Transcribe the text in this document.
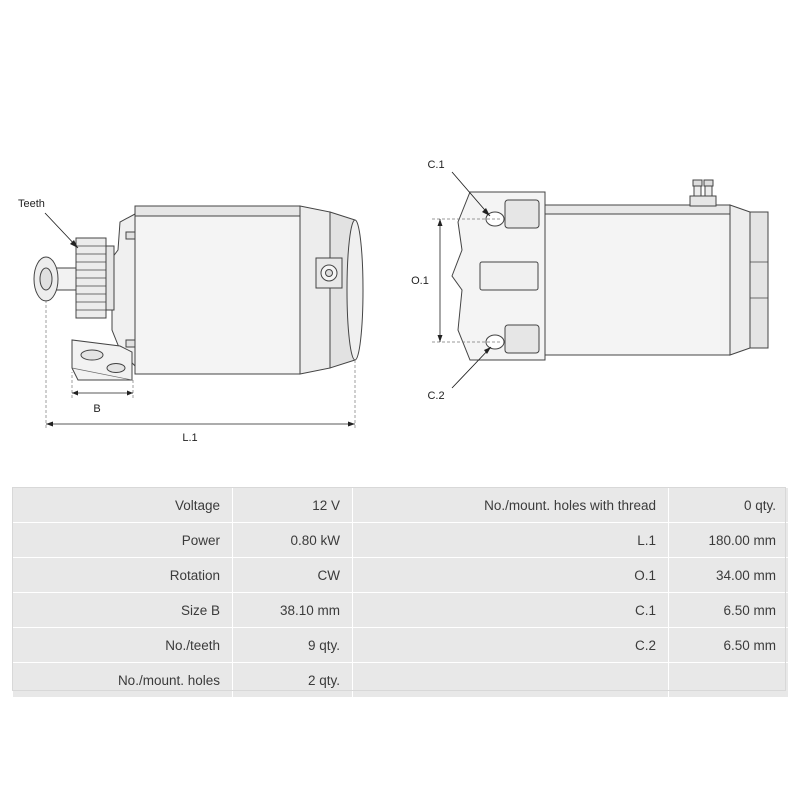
Teeth
B
L.1
O.1
C.1
C.2
Voltage	12 V	No./mount. holes with thread	0 qty.
Power	0.80 kW	L.1	180.00 mm
Rotation	CW	O.1	34.00 mm
Size B	38.10 mm	C.1	6.50 mm
No./teeth	9 qty.	C.2	6.50 mm
No./mount. holes	2 qty.		
